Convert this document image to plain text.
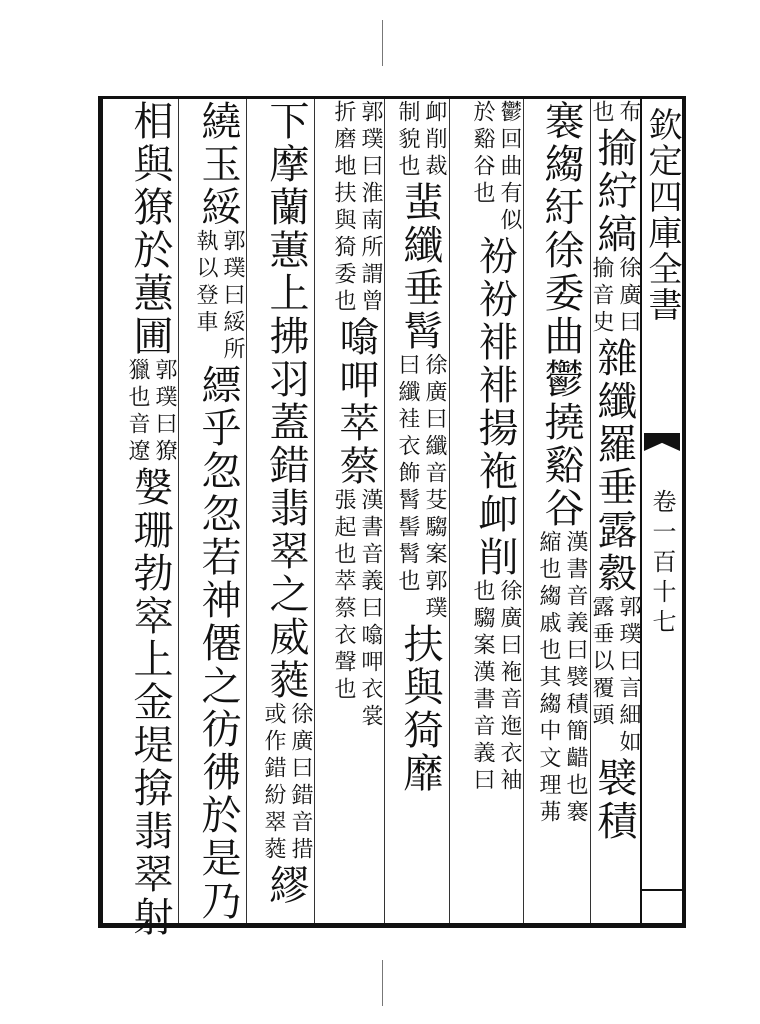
欽定四庫全書
卷一百十七
布也揄紵縞徐廣曰揄音史雜纖羅垂露縠郭璞曰言細如露垂以覆頭襞積
褰縐紆徐委曲鬱撓谿谷漢書音義曰襞積簡齰也褰縮也縐戚也其縐中文理茀
鬱回曲有似於谿谷也衯衯裶裶揚袘卹削徐廣曰袘音迤衣袖也騶案漢書音義曰
卹削裁制貌也蜚纖垂髾徐廣曰纖音芟騶案郭璞曰纖袿衣飾髾髻髾也扶與猗靡
郭璞曰淮南所謂曾折磨地扶與猗委也噏呷萃蔡漢書音義曰噏呷衣裳張起也萃蔡衣聲也
下摩蘭蕙上拂羽蓋錯翡翠之威蕤徐廣曰錯音措或作錯紛翠蕤繆
繞玉綏郭璞曰綏所執以登車縹乎忽忽若神僊之彷彿於是乃
相與獠於蕙圃郭璞曰獠獵也音遼媻珊勃窣上金堤揜翡翠射
